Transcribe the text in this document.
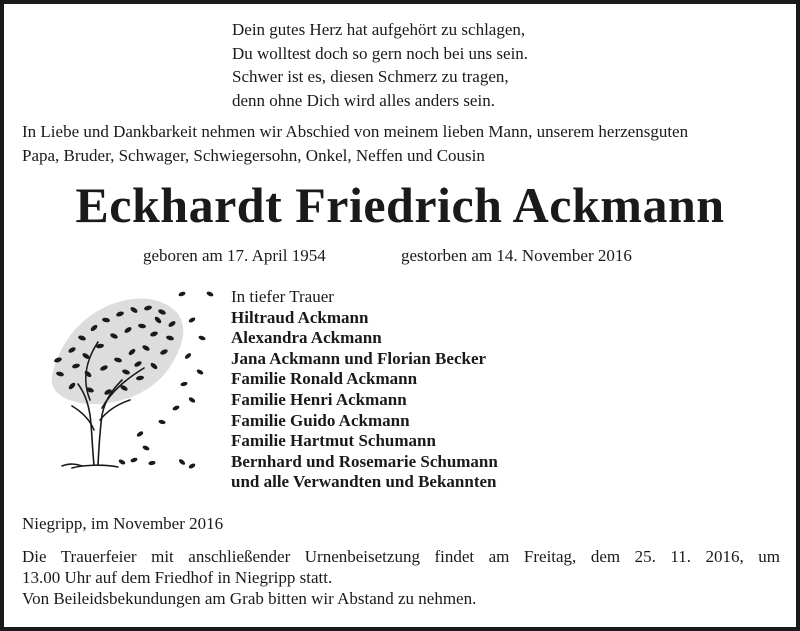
Dein gutes Herz hat aufgehört zu schlagen,
Du wolltest doch so gern noch bei uns sein.
Schwer ist es, diesen Schmerz zu tragen,
denn ohne Dich wird alles anders sein.
In Liebe und Dankbarkeit nehmen wir Abschied von meinem lieben Mann, unserem herzensguten
Papa, Bruder, Schwager, Schwiegersohn, Onkel, Neffen und Cousin
Eckhardt Friedrich Ackmann
geboren am 17. April 1954	gestorben am 14. November 2016
In tiefer Trauer
Hiltraud Ackmann
Alexandra Ackmann
Jana Ackmann und Florian Becker
Familie Ronald Ackmann
Familie Henri Ackmann
Familie Guido Ackmann
Familie Hartmut Schumann
Bernhard und Rosemarie Schumann
und alle Verwandten und Bekannten
Niegripp, im November 2016
Die Trauerfeier mit anschließender Urnenbeisetzung findet am Freitag, dem 25. 11. 2016, um
13.00 Uhr auf dem Friedhof in Niegripp statt.
Von Beileidsbekundungen am Grab bitten wir Abstand zu nehmen.
